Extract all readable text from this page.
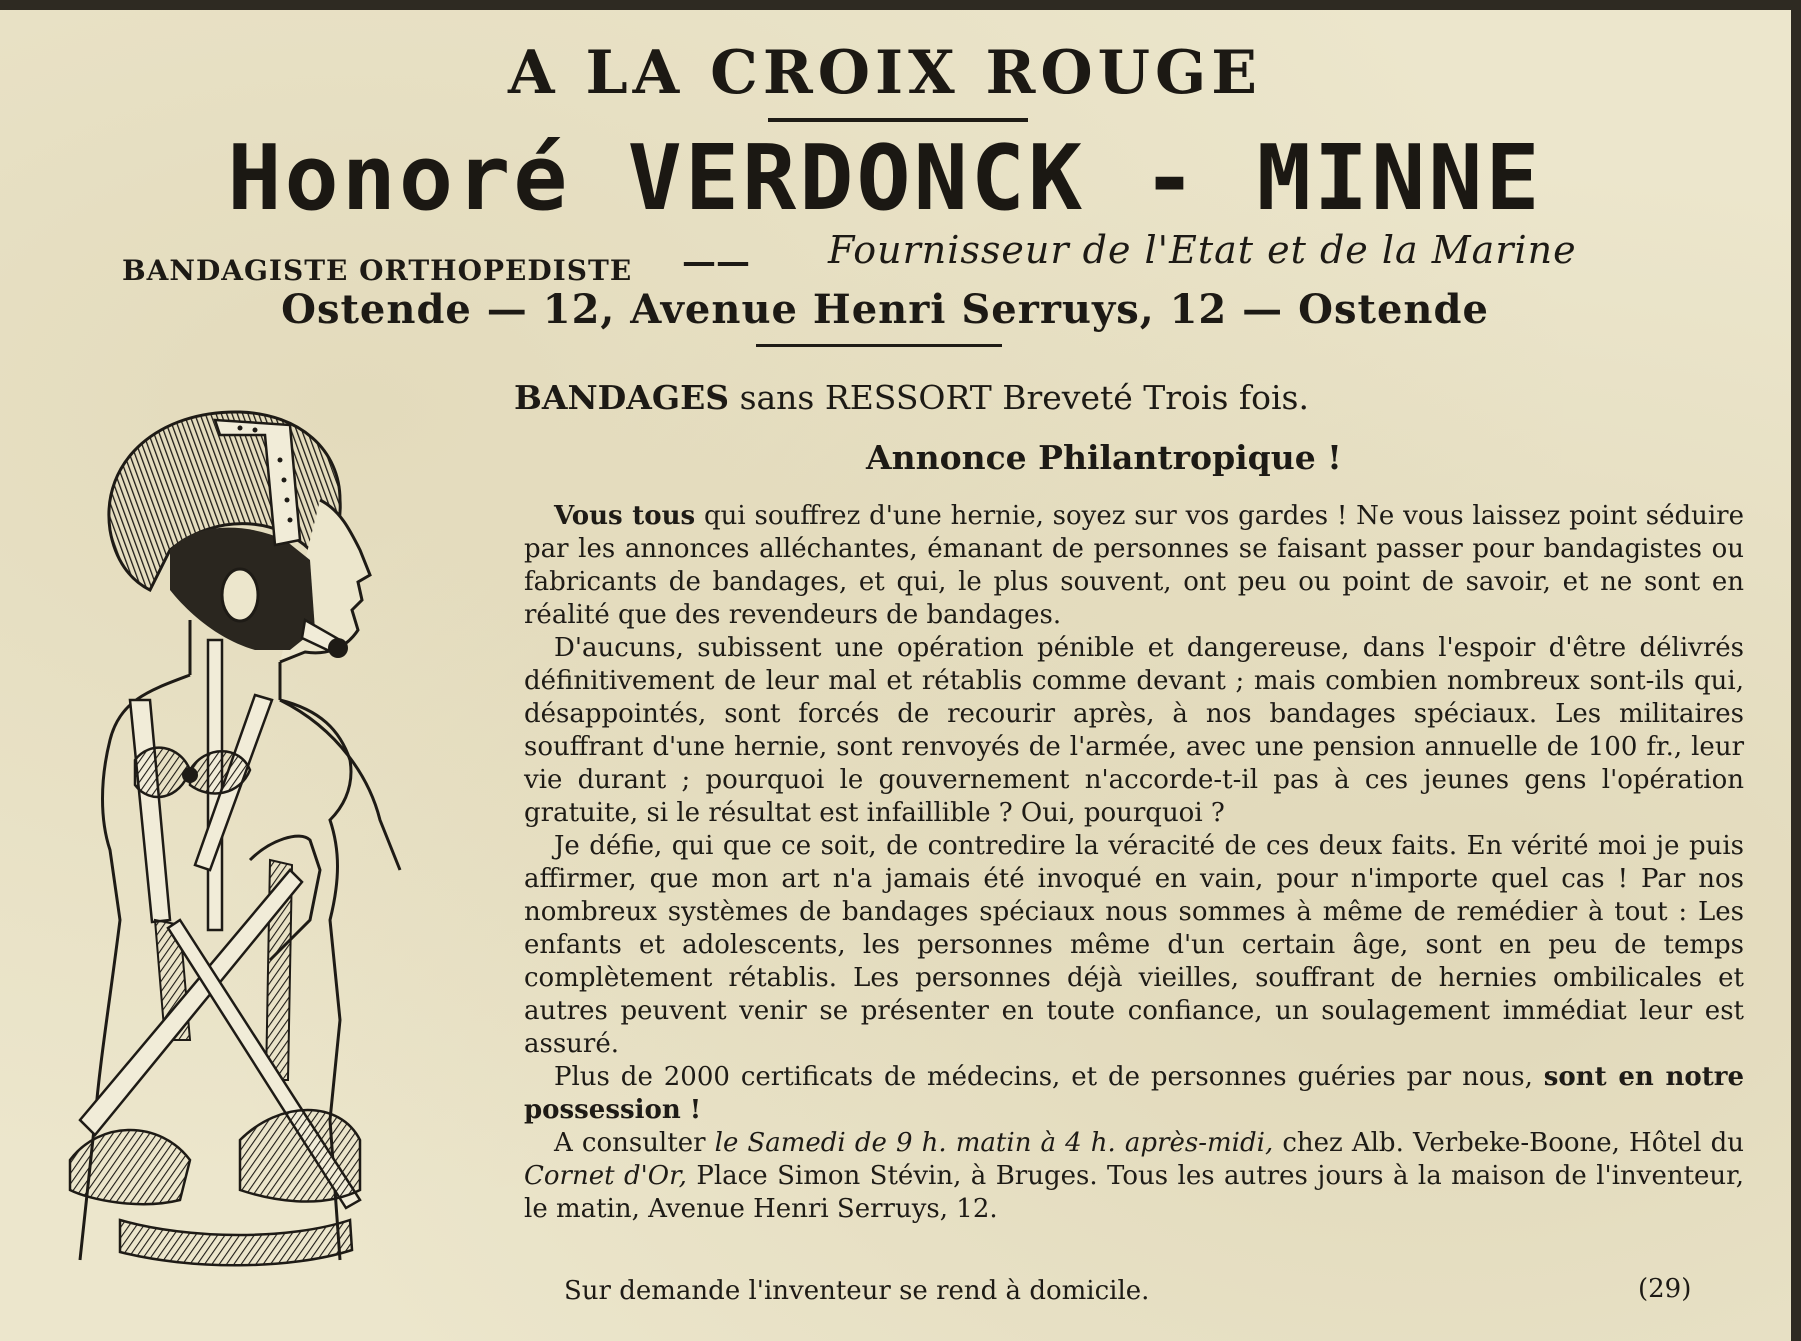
A LA CROIX ROUGE
Honoré VERDONCK - MINNE
BANDAGISTE ORTHOPEDISTE —— Fournisseur de l'Etat et de la Marine
Ostende — 12, Avenue Henri Serruys, 12 — Ostende
BANDAGES sans RESSORT Breveté Trois fois.
Annonce Philantropique !

Vous tous qui souffrez d'une hernie, soyez sur vos gardes ! Ne vous laissez point séduire par les annonces alléchantes, émanant de personnes se faisant passer pour bandagistes ou fabricants de bandages, et qui, le plus souvent, ont peu ou point de savoir, et ne sont en réalité que des revendeurs de bandages.

D'aucuns, subissent une opération pénible et dangereuse, dans l'espoir d'être délivrés définitivement de leur mal et rétablis comme devant ; mais combien nombreux sont-ils qui, désappointés, sont forcés de recourir après, à nos bandages spéciaux. Les militaires souffrant d'une hernie, sont renvoyés de l'armée, avec une pension annuelle de 100 fr., leur vie durant ; pourquoi le gouvernement n'accorde-t-il pas à ces jeunes gens l'opération gratuite, si le résultat est infaillible ? Oui, pourquoi ?

Je défie, qui que ce soit, de contredire la véracité de ces deux faits. En vérité moi je puis affirmer, que mon art n'a jamais été invoqué en vain, pour n'importe quel cas ! Par nos nombreux systèmes de bandages spéciaux nous sommes à même de remédier à tout : Les enfants et adolescents, les personnes même d'un certain âge, sont en peu de temps complètement rétablis. Les personnes déjà vieilles, souffrant de hernies ombilicales et autres peuvent venir se présenter en toute confiance, un soulagement immédiat leur est assuré.

Plus de 2000 certificats de médecins, et de personnes guéries par nous, sont en notre possession !

A consulter le Samedi de 9 h. matin à 4 h. après-midi, chez Alb. Verbeke-Boone, Hôtel du Cornet d'Or, Place Simon Stévin, à Bruges. Tous les autres jours à la maison de l'inventeur, le matin, Avenue Henri Serruys, 12.

Sur demande l'inventeur se rend à domicile.	(29)
